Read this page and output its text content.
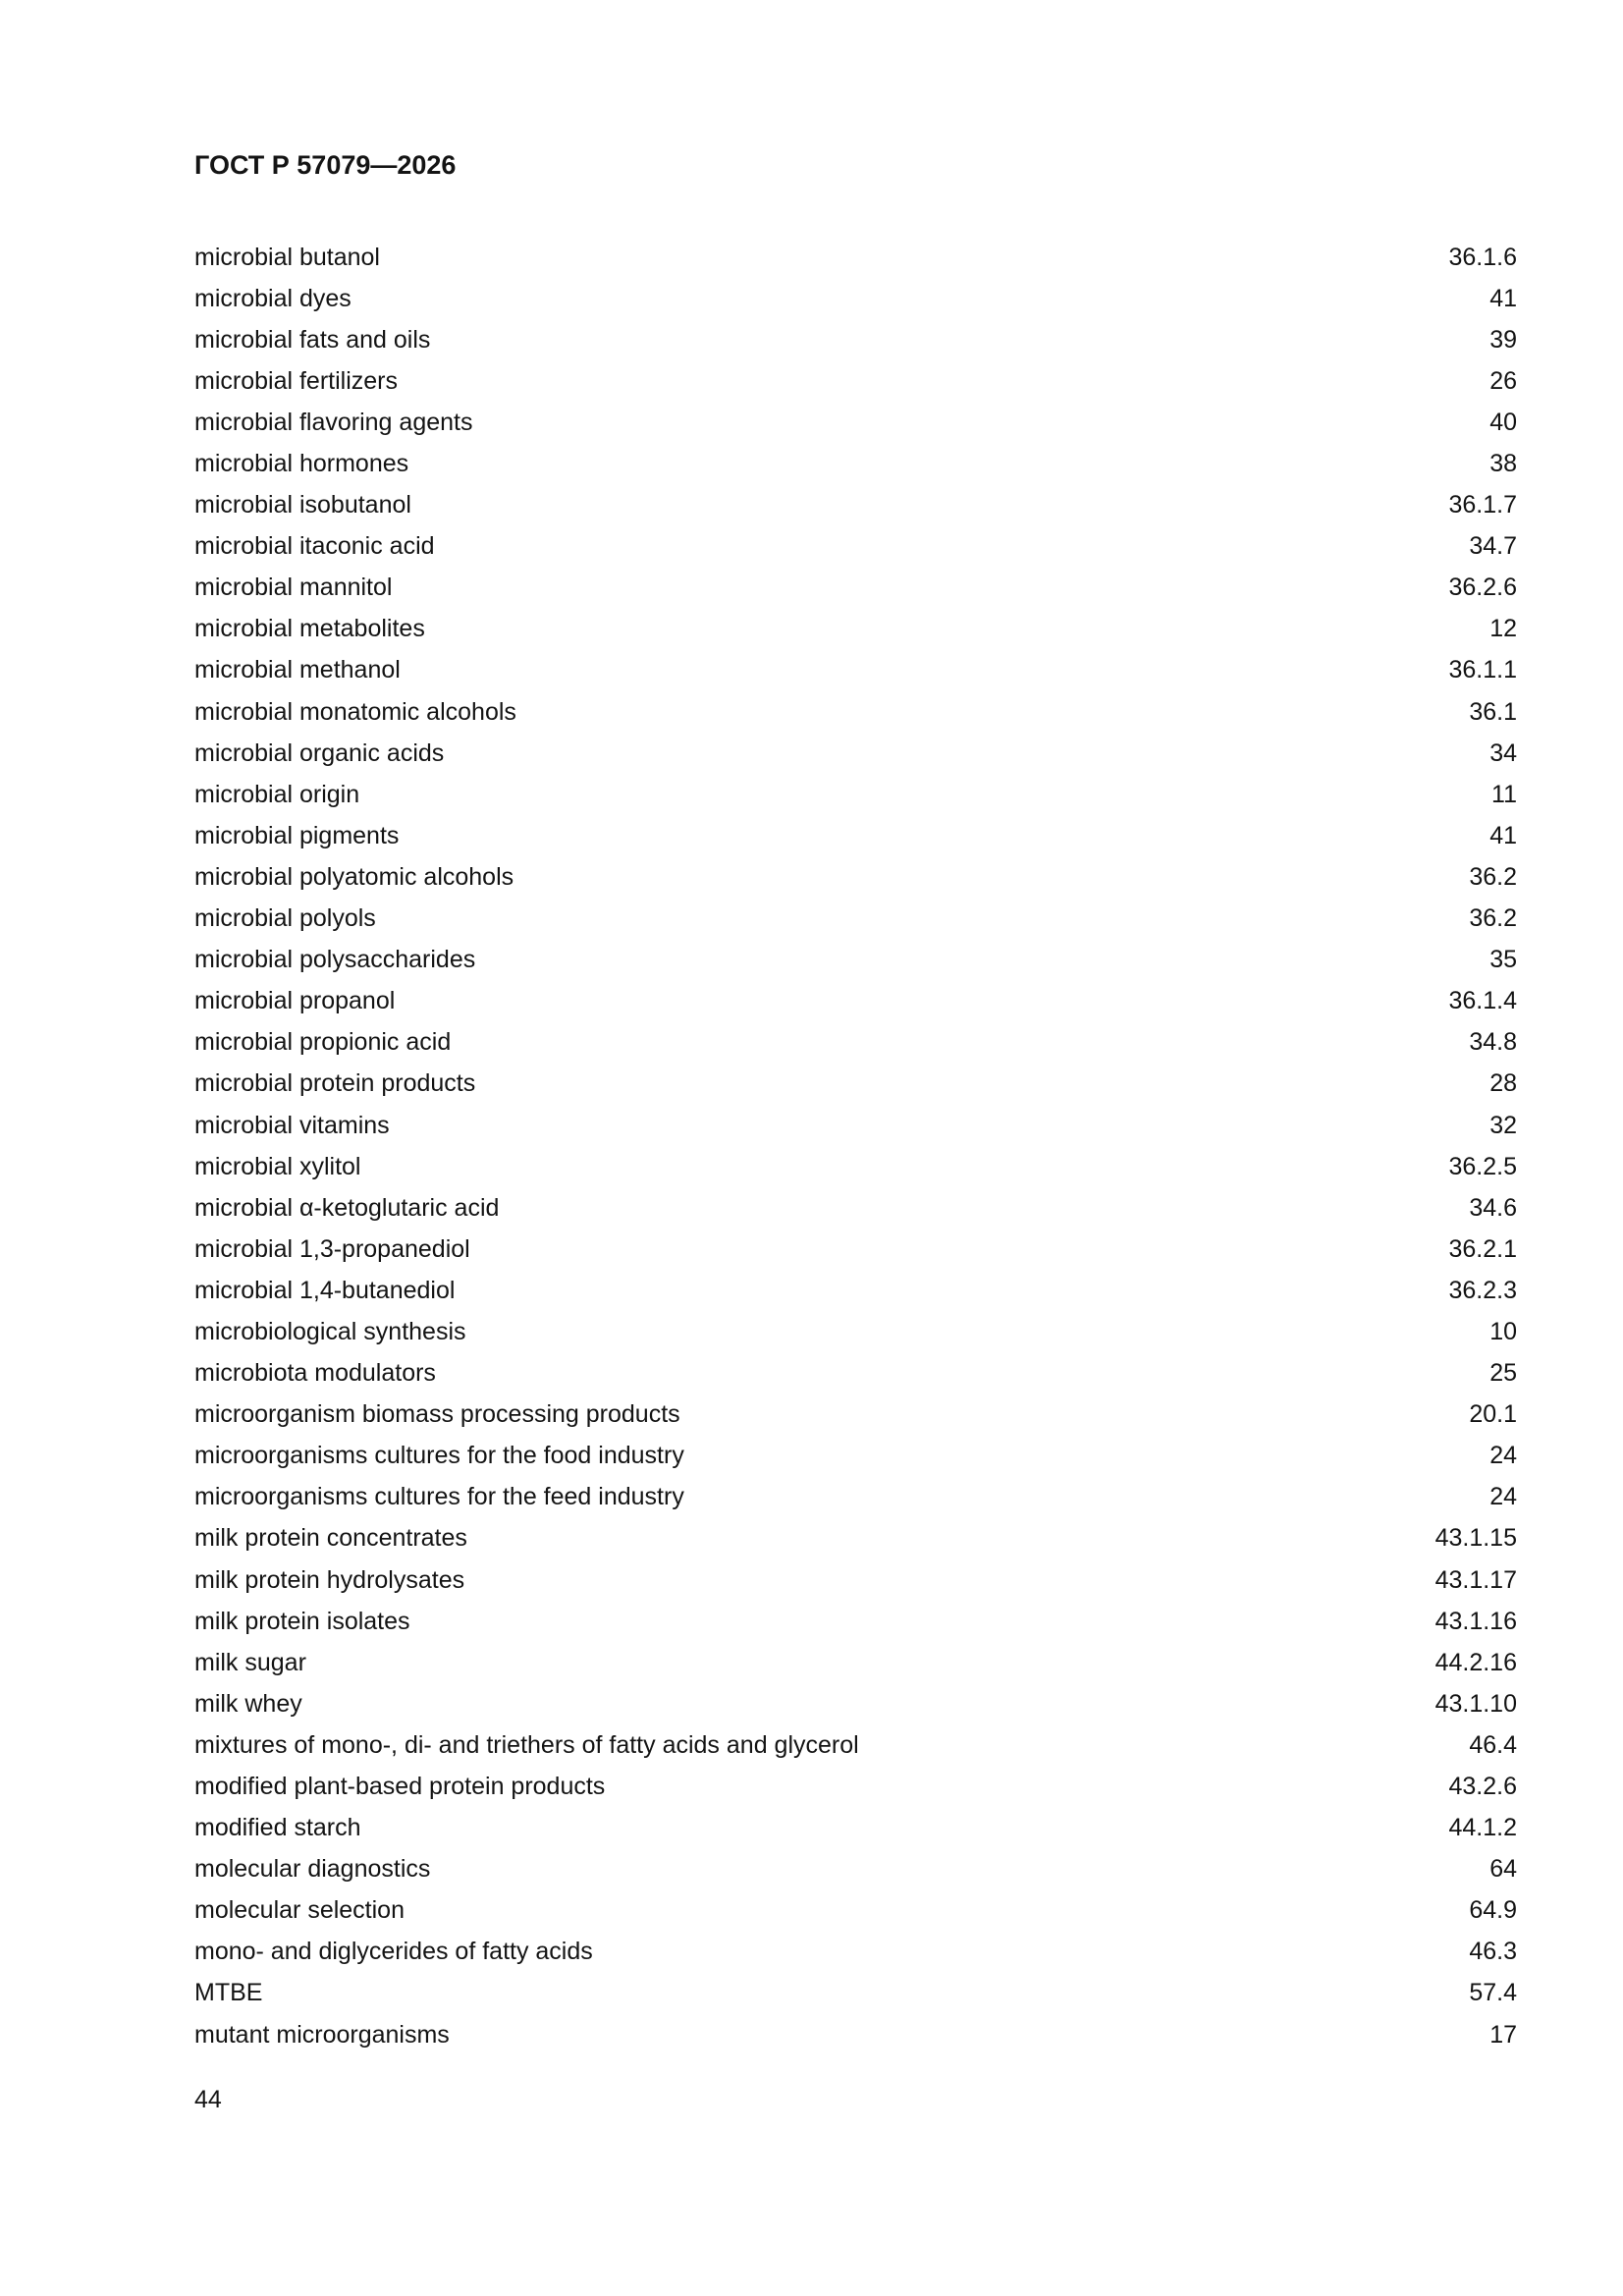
ГОСТ Р 57079—2026
microbial butanol	36.1.6
microbial dyes	41
microbial fats and oils	39
microbial fertilizers	26
microbial flavoring agents	40
microbial hormones	38
microbial isobutanol	36.1.7
microbial itaconic acid	34.7
microbial mannitol	36.2.6
microbial metabolites	12
microbial methanol	36.1.1
microbial monatomic alcohols	36.1
microbial organic acids	34
microbial origin	11
microbial pigments	41
microbial polyatomic alcohols	36.2
microbial polyols	36.2
microbial polysaccharides	35
microbial propanol	36.1.4
microbial propionic acid	34.8
microbial protein products	28
microbial vitamins	32
microbial xylitol	36.2.5
microbial α-ketoglutaric acid	34.6
microbial 1,3-propanediol	36.2.1
microbial 1,4-butanediol	36.2.3
microbiological synthesis	10
microbiota modulators	25
microorganism biomass processing products	20.1
microorganisms cultures for the food industry	24
microorganisms cultures for the feed industry	24
milk protein concentrates	43.1.15
milk protein hydrolysates	43.1.17
milk protein isolates	43.1.16
milk sugar	44.2.16
milk whey	43.1.10
mixtures of mono-, di- and triethers of fatty acids and glycerol	46.4
modified plant-based protein products	43.2.6
modified starch	44.1.2
molecular diagnostics	64
molecular selection	64.9
mono- and diglycerides of fatty acids	46.3
MTBE	57.4
mutant microorganisms	17
44
